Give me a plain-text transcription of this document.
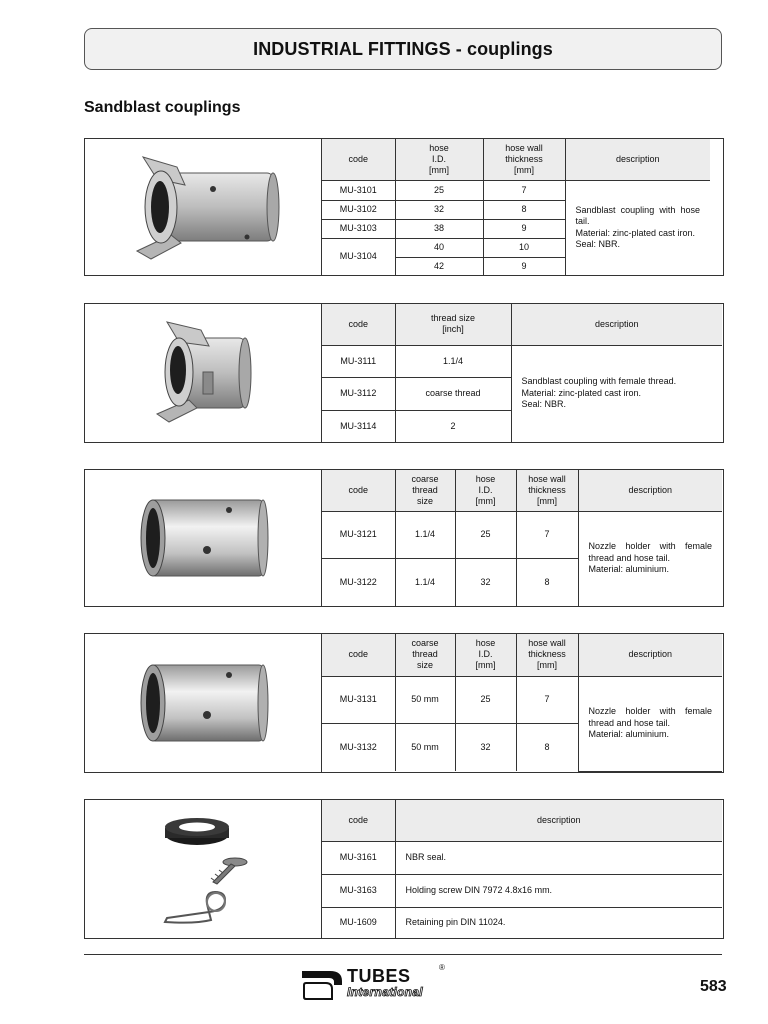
INDUSTRIAL FITTINGS - couplings
Sandblast couplings
code	hose
I.D.
[mm]	hose wall
thickness
[mm]	description
MU-3101	25	7	Sandblast coupling with hose tail.
Material: zinc-plated cast iron.
Seal: NBR.
MU-3102	32	8	
MU-3103	38	9	
MU-3104	40	10	
	42	9	
code	thread size
[inch]	description
MU-3111	1.1/4	Sandblast coupling with female thread.
Material: zinc-plated cast iron.
Seal: NBR.
MU-3112	coarse thread	
MU-3114	2	
code	coarse
thread
size	hose
I.D.
[mm]	hose wall
thickness
[mm]	description
MU-3121	1.1/4	25	7	Nozzle holder with female thread and hose tail.
Material: aluminium.
MU-3122	1.1/4	32	8	
code	coarse
thread
size	hose
I.D.
[mm]	hose wall
thickness
[mm]	description
MU-3131	50 mm	25	7	Nozzle holder with female thread and hose tail.
Material: aluminium.
MU-3132	50 mm	32	8	
code	description
MU-3161	NBR seal.
MU-3163	Holding screw DIN 7972 4.8x16 mm.
MU-1609	Retaining pin DIN 11024.
TUBES	®
International	583
